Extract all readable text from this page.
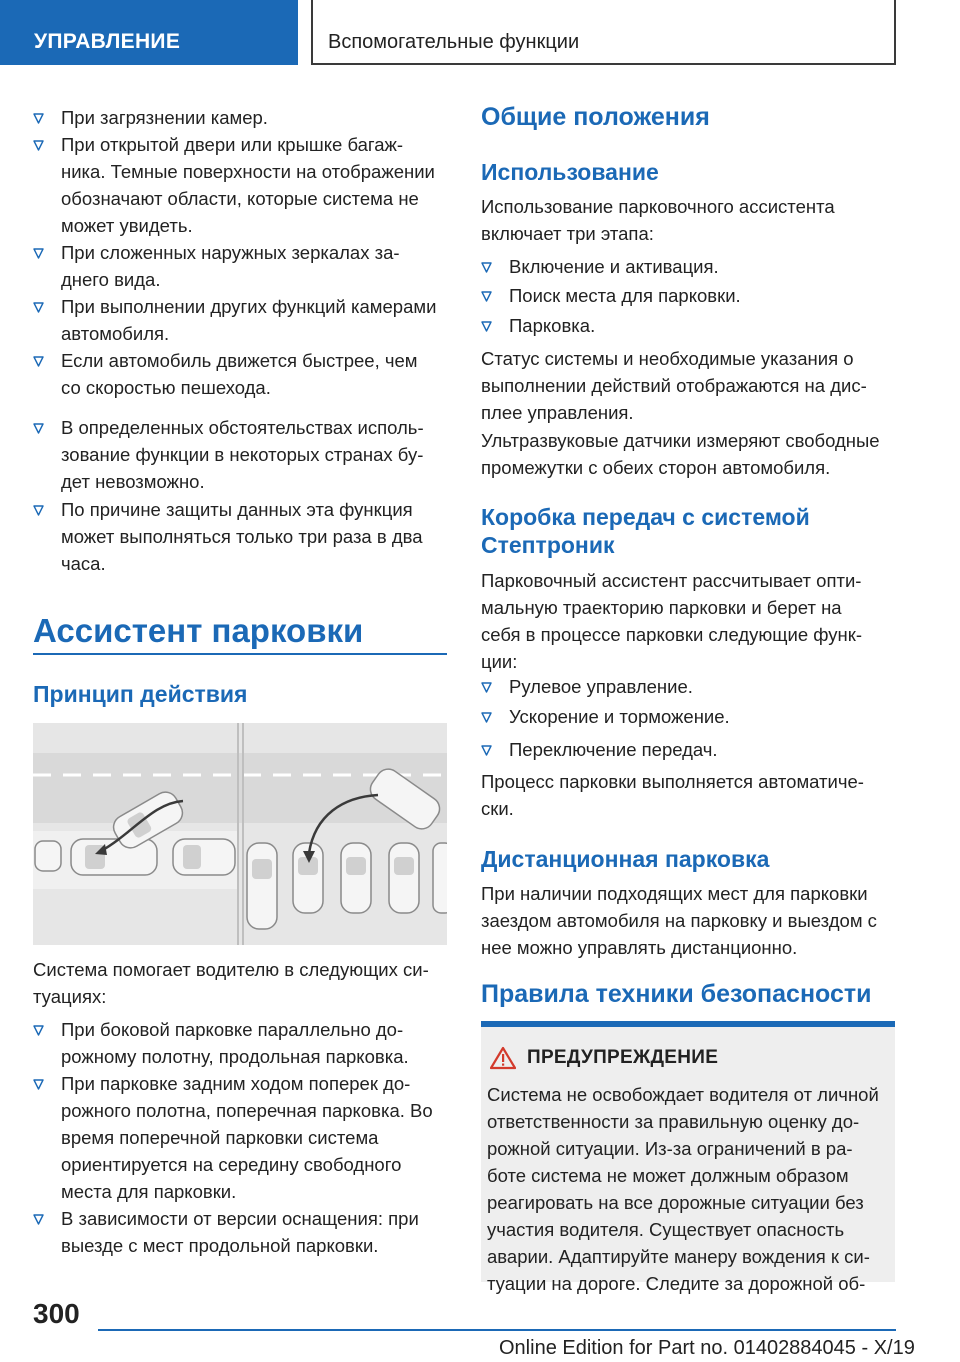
УПРАВЛЕНИЕ	Вспомогательные функции
При загрязнении камер.
При открытой двери или крышке багаж-
ника. Темные поверхности на отображении
обозначают области, которые система не
может увидеть.
При сложенных наружных зеркалах за-
днего вида.
При выполнении других функций камерами
автомобиля.
Если автомобиль движется быстрее, чем
со скоростью пешехода.
В определенных обстоятельствах исполь-
зование функции в некоторых странах бу-
дет невозможно.
По причине защиты данных эта функция
может выполняться только три раза в два
часа.
Ассистент парковки
Принцип действия
Система помогает водителю в следующих си-
туациях:
При боковой парковке параллельно до-
рожному полотну, продольная парковка.
При парковке задним ходом поперек до-
рожного полотна, поперечная парковка. Во
время поперечной парковки система
ориентируется на середину свободного
места для парковки.
В зависимости от версии оснащения: при
выезде с мест продольной парковки.
Общие положения
Использование
Использование парковочного ассистента
включает три этапа:
Включение и активация.
Поиск места для парковки.
Парковка.
Статус системы и необходимые указания о
выполнении действий отображаются на дис-
плее управления.
Ультразвуковые датчики измеряют свободные
промежутки с обеих сторон автомобиля.
Коробка передач с системой
Стептроник
Парковочный ассистент рассчитывает опти-
мальную траекторию парковки и берет на
себя в процессе парковки следующие функ-
ции:
Рулевое управление.
Ускорение и торможение.
Переключение передач.
Процесс парковки выполняется автоматиче-
ски.
Дистанционная парковка
При наличии подходящих мест для парковки
заездом автомобиля на парковку и выездом с
нее можно управлять дистанционно.
Правила техники безопасности
ПРЕДУПРЕЖДЕНИЕ
Система не освобождает водителя от личной
ответственности за правильную оценку до-
рожной ситуации. Из-за ограничений в ра-
боте система не может должным образом
реагировать на все дорожные ситуации без
участия водителя. Существует опасность
аварии. Адаптируйте манеру вождения к си-
туации на дороге. Следите за дорожной об-
300
Online Edition for Part no. 01402884045 - X/19
